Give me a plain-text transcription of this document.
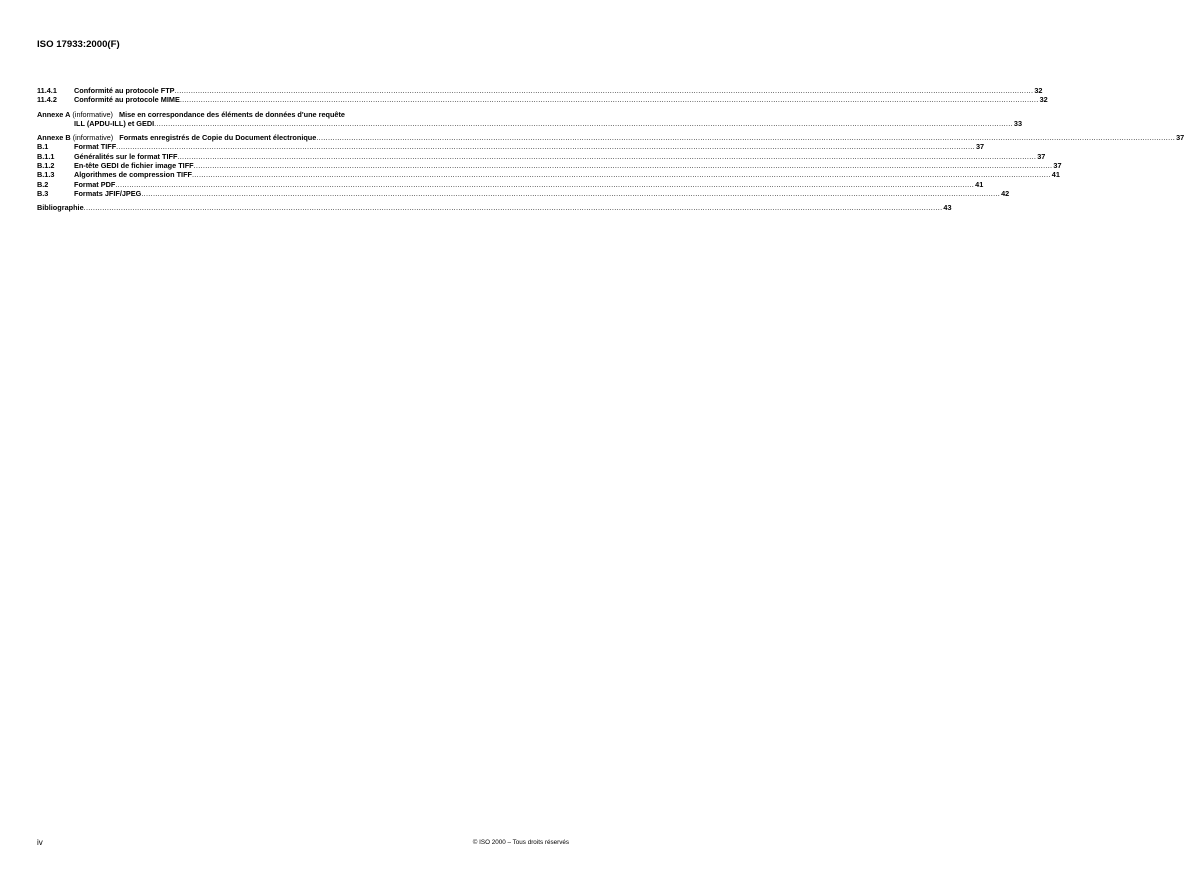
ISO 17933:2000(F)
11.4.1	Conformité au protocole FTP .....	32
11.4.2	Conformité au protocole MIME .....	32
Annexe A (informative) Mise en correspondance des éléments de données d'une requête
ILL (APDU-ILL) et GEDI .....	33
Annexe B (informative) Formats enregistrés de Copie du Document électronique .....	37
B.1	Format TIFF .....	37
B.1.1	Généralités sur le format TIFF .....	37
B.1.2	En-tête GEDI de fichier image TIFF .....	37
B.1.3	Algorithmes de compression TIFF .....	41
B.2	Format PDF .....	41
B.3	Formats JFIF/JPEG .....	42
Bibliographie .....	43
iv	© ISO 2000 – Tous droits réservés
